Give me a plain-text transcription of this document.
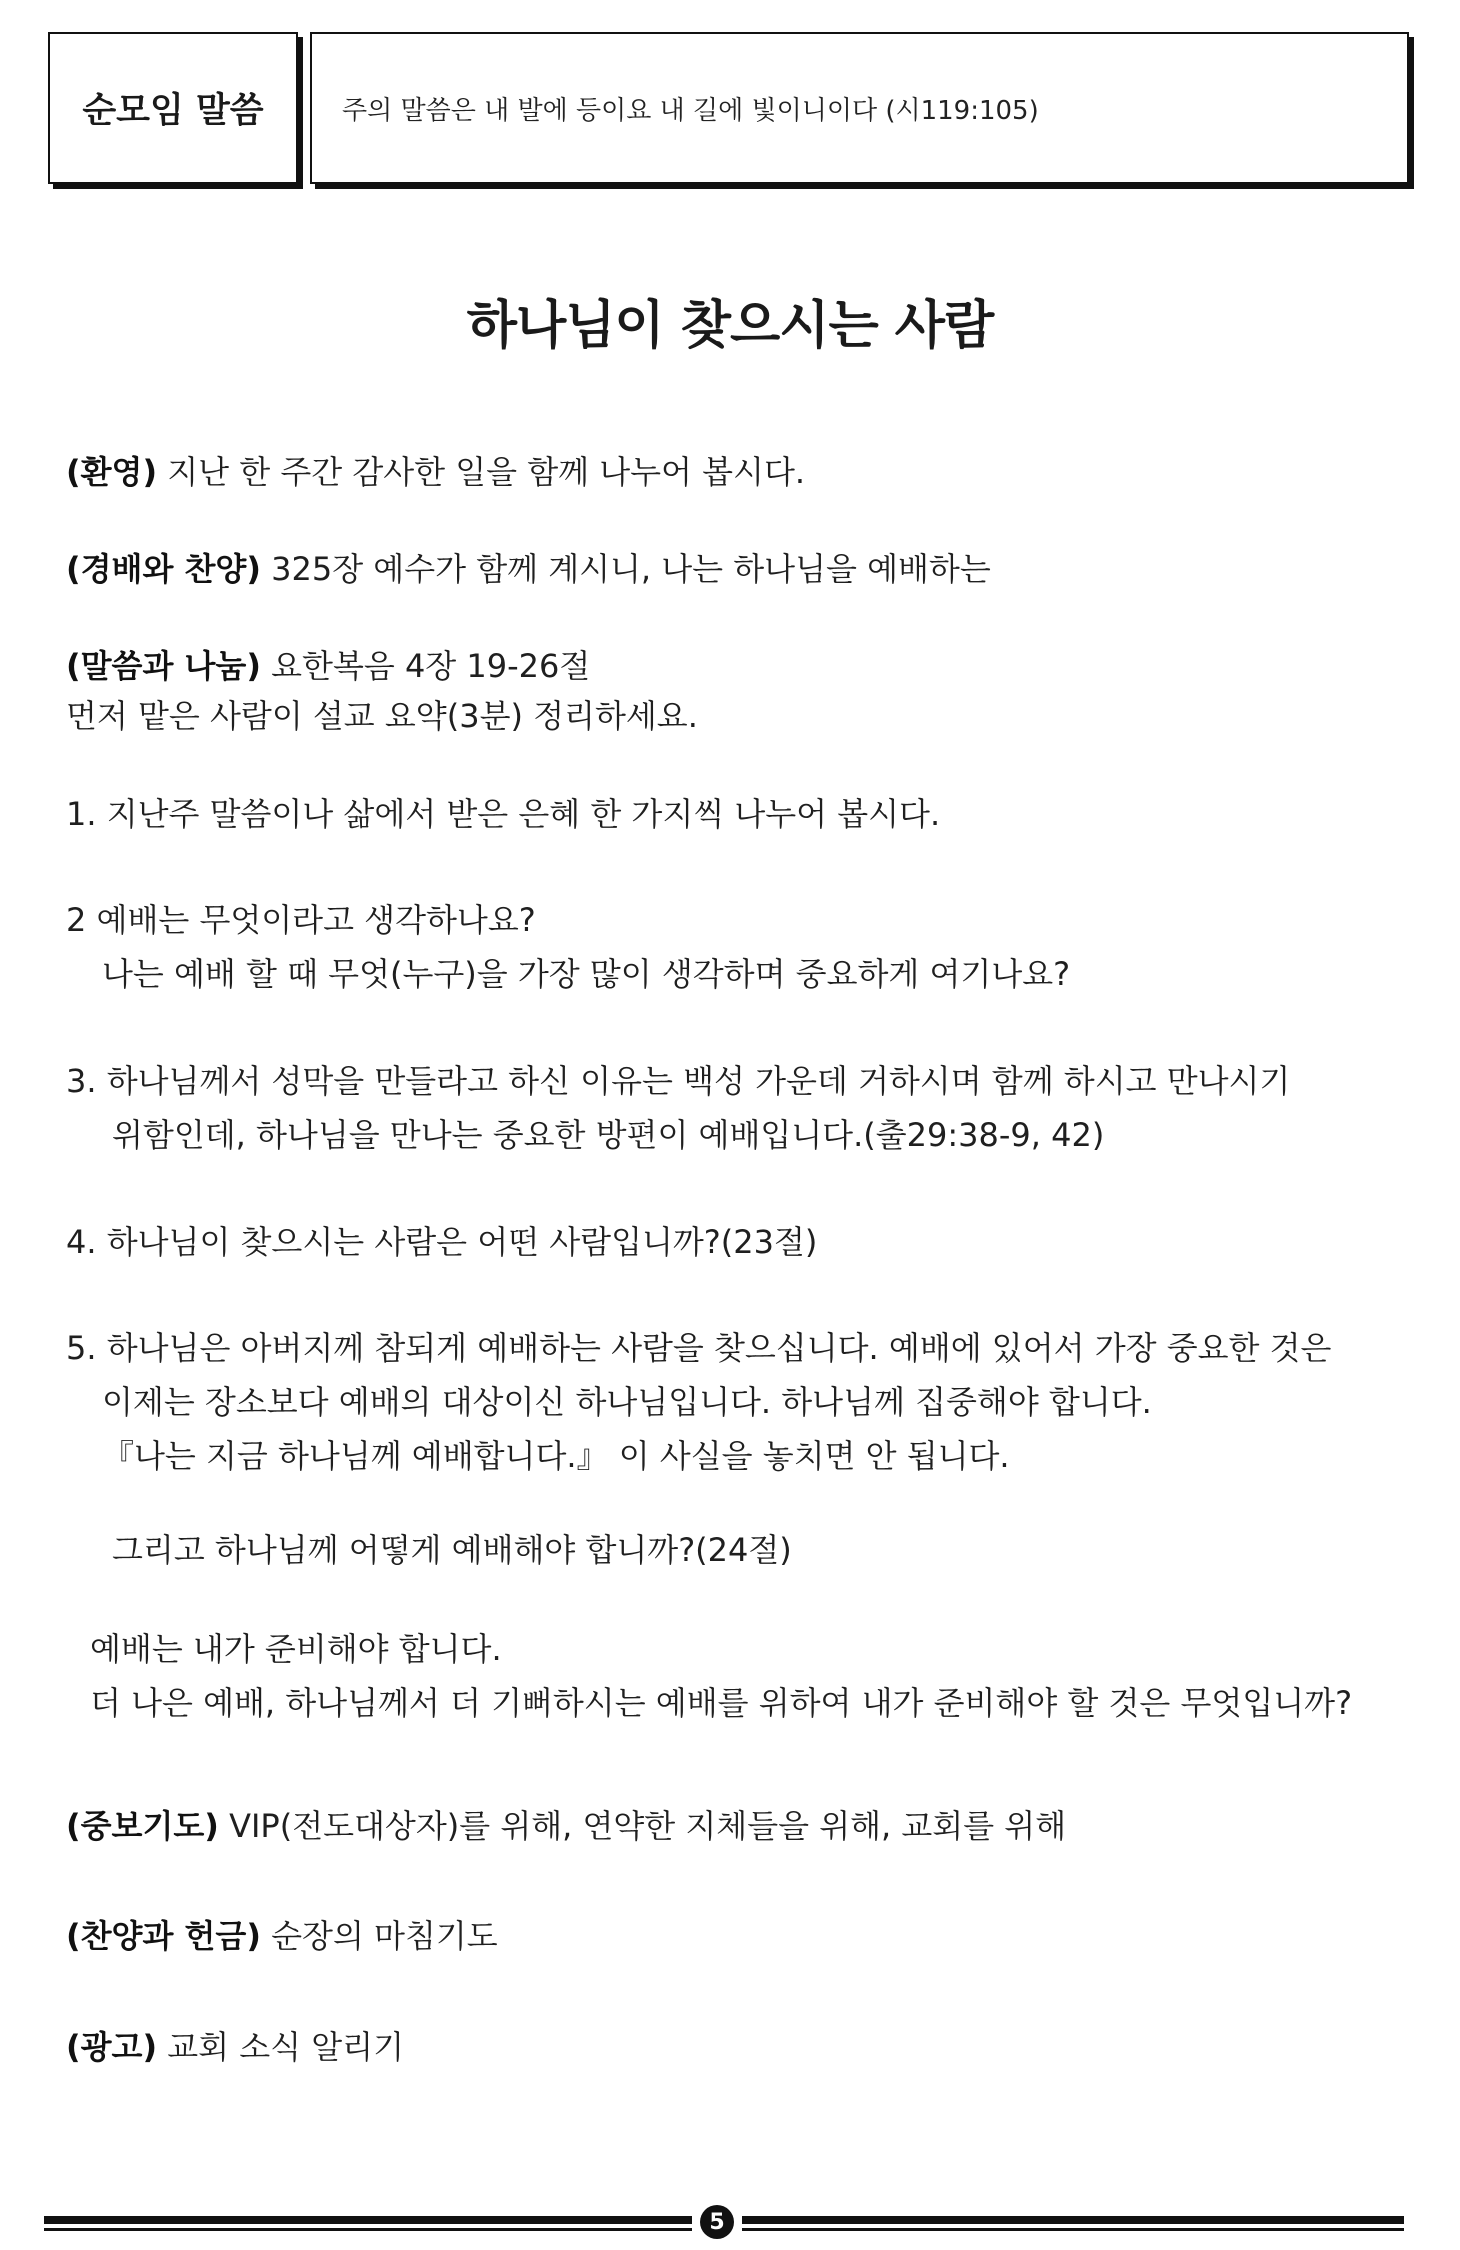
순모임 말씀	주의 말씀은 내 발에 등이요 내 길에 빛이니이다 (시119:105)
하나님이 찾으시는 사람
(환영) 지난 한 주간 감사한 일을 함께 나누어 봅시다.
(경배와 찬양) 325장 예수가 함께 계시니, 나는 하나님을 예배하는
(말씀과 나눔) 요한복음 4장 19-26절
먼저 맡은 사람이 설교 요약(3분) 정리하세요.
1. 지난주 말씀이나 삶에서 받은 은혜 한 가지씩 나누어 봅시다.
2 예배는 무엇이라고 생각하나요?
나는 예배 할 때 무엇(누구)을 가장 많이 생각하며 중요하게 여기나요?
3. 하나님께서 성막을 만들라고 하신 이유는 백성 가운데 거하시며 함께 하시고 만나시기
위함인데, 하나님을 만나는 중요한 방편이 예배입니다.(출29:38-9, 42)
4. 하나님이 찾으시는 사람은 어떤 사람입니까?(23절)
5. 하나님은 아버지께 참되게 예배하는 사람을 찾으십니다. 예배에 있어서 가장 중요한 것은
이제는 장소보다 예배의 대상이신 하나님입니다. 하나님께 집중해야 합니다.
『나는 지금 하나님께 예배합니다.』 이 사실을 놓치면 안 됩니다.
그리고 하나님께 어떻게 예배해야 합니까?(24절)
예배는 내가 준비해야 합니다.
더 나은 예배, 하나님께서 더 기뻐하시는 예배를 위하여 내가 준비해야 할 것은 무엇입니까?
(중보기도) VIP(전도대상자)를 위해, 연약한 지체들을 위해, 교회를 위해
(찬양과 헌금) 순장의 마침기도
(광고) 교회 소식 알리기
5
